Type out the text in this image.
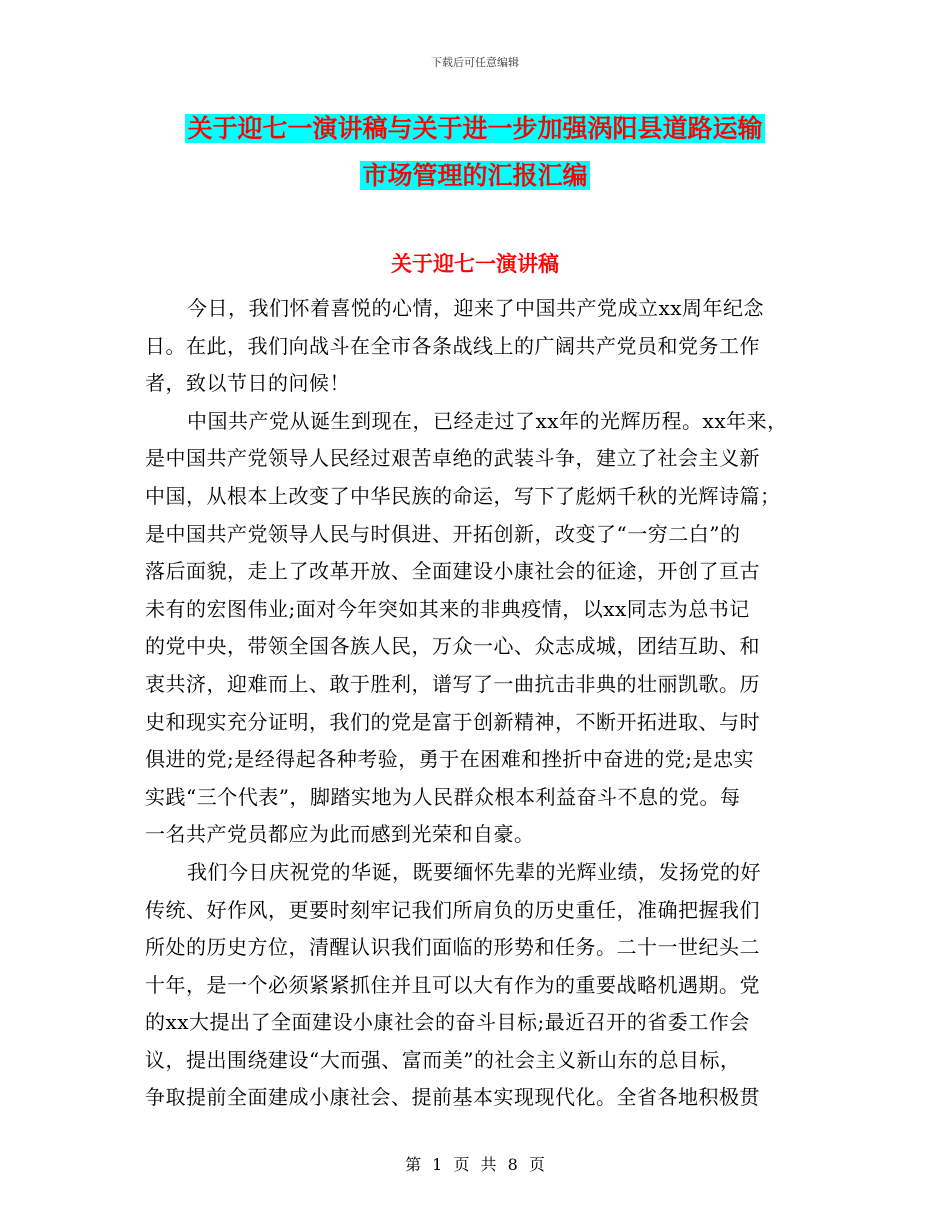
下载后可任意编辑
关于迎七一演讲稿与关于进一步加强涡阳县道路运输
市场管理的汇报汇编
关于迎七一演讲稿
今日，我们怀着喜悦的心情，迎来了中国共产党成立xx周年纪念
日。在此，我们向战斗在全市各条战线上的广阔共产党员和党务工作
者，致以节日的问候！
中国共产党从诞生到现在，已经走过了xx年的光辉历程。xx年来，
是中国共产党领导人民经过艰苦卓绝的武装斗争，建立了社会主义新
中国，从根本上改变了中华民族的命运，写下了彪炳千秋的光辉诗篇；
是中国共产党领导人民与时俱进、开拓创新，改变了“一穷二白”的
落后面貌，走上了改革开放、全面建设小康社会的征途，开创了亘古
未有的宏图伟业;面对今年突如其来的非典疫情，以xx同志为总书记
的党中央，带领全国各族人民，万众一心、众志成城，团结互助、和
衷共济，迎难而上、敢于胜利，谱写了一曲抗击非典的壮丽凯歌。历
史和现实充分证明，我们的党是富于创新精神，不断开拓进取、与时
俱进的党;是经得起各种考验，勇于在困难和挫折中奋进的党;是忠实
实践“三个代表”，脚踏实地为人民群众根本利益奋斗不息的党。每
一名共产党员都应为此而感到光荣和自豪。
我们今日庆祝党的华诞，既要缅怀先辈的光辉业绩，发扬党的好
传统、好作风，更要时刻牢记我们所肩负的历史重任，准确把握我们
所处的历史方位，清醒认识我们面临的形势和任务。二十一世纪头二
十年，是一个必须紧紧抓住并且可以大有作为的重要战略机遇期。党
的xx大提出了全面建设小康社会的奋斗目标;最近召开的省委工作会
议，提出围绕建设“大而强、富而美”的社会主义新山东的总目标，
争取提前全面建成小康社会、提前基本实现现代化。全省各地积极贯
第 1 页 共 8 页
